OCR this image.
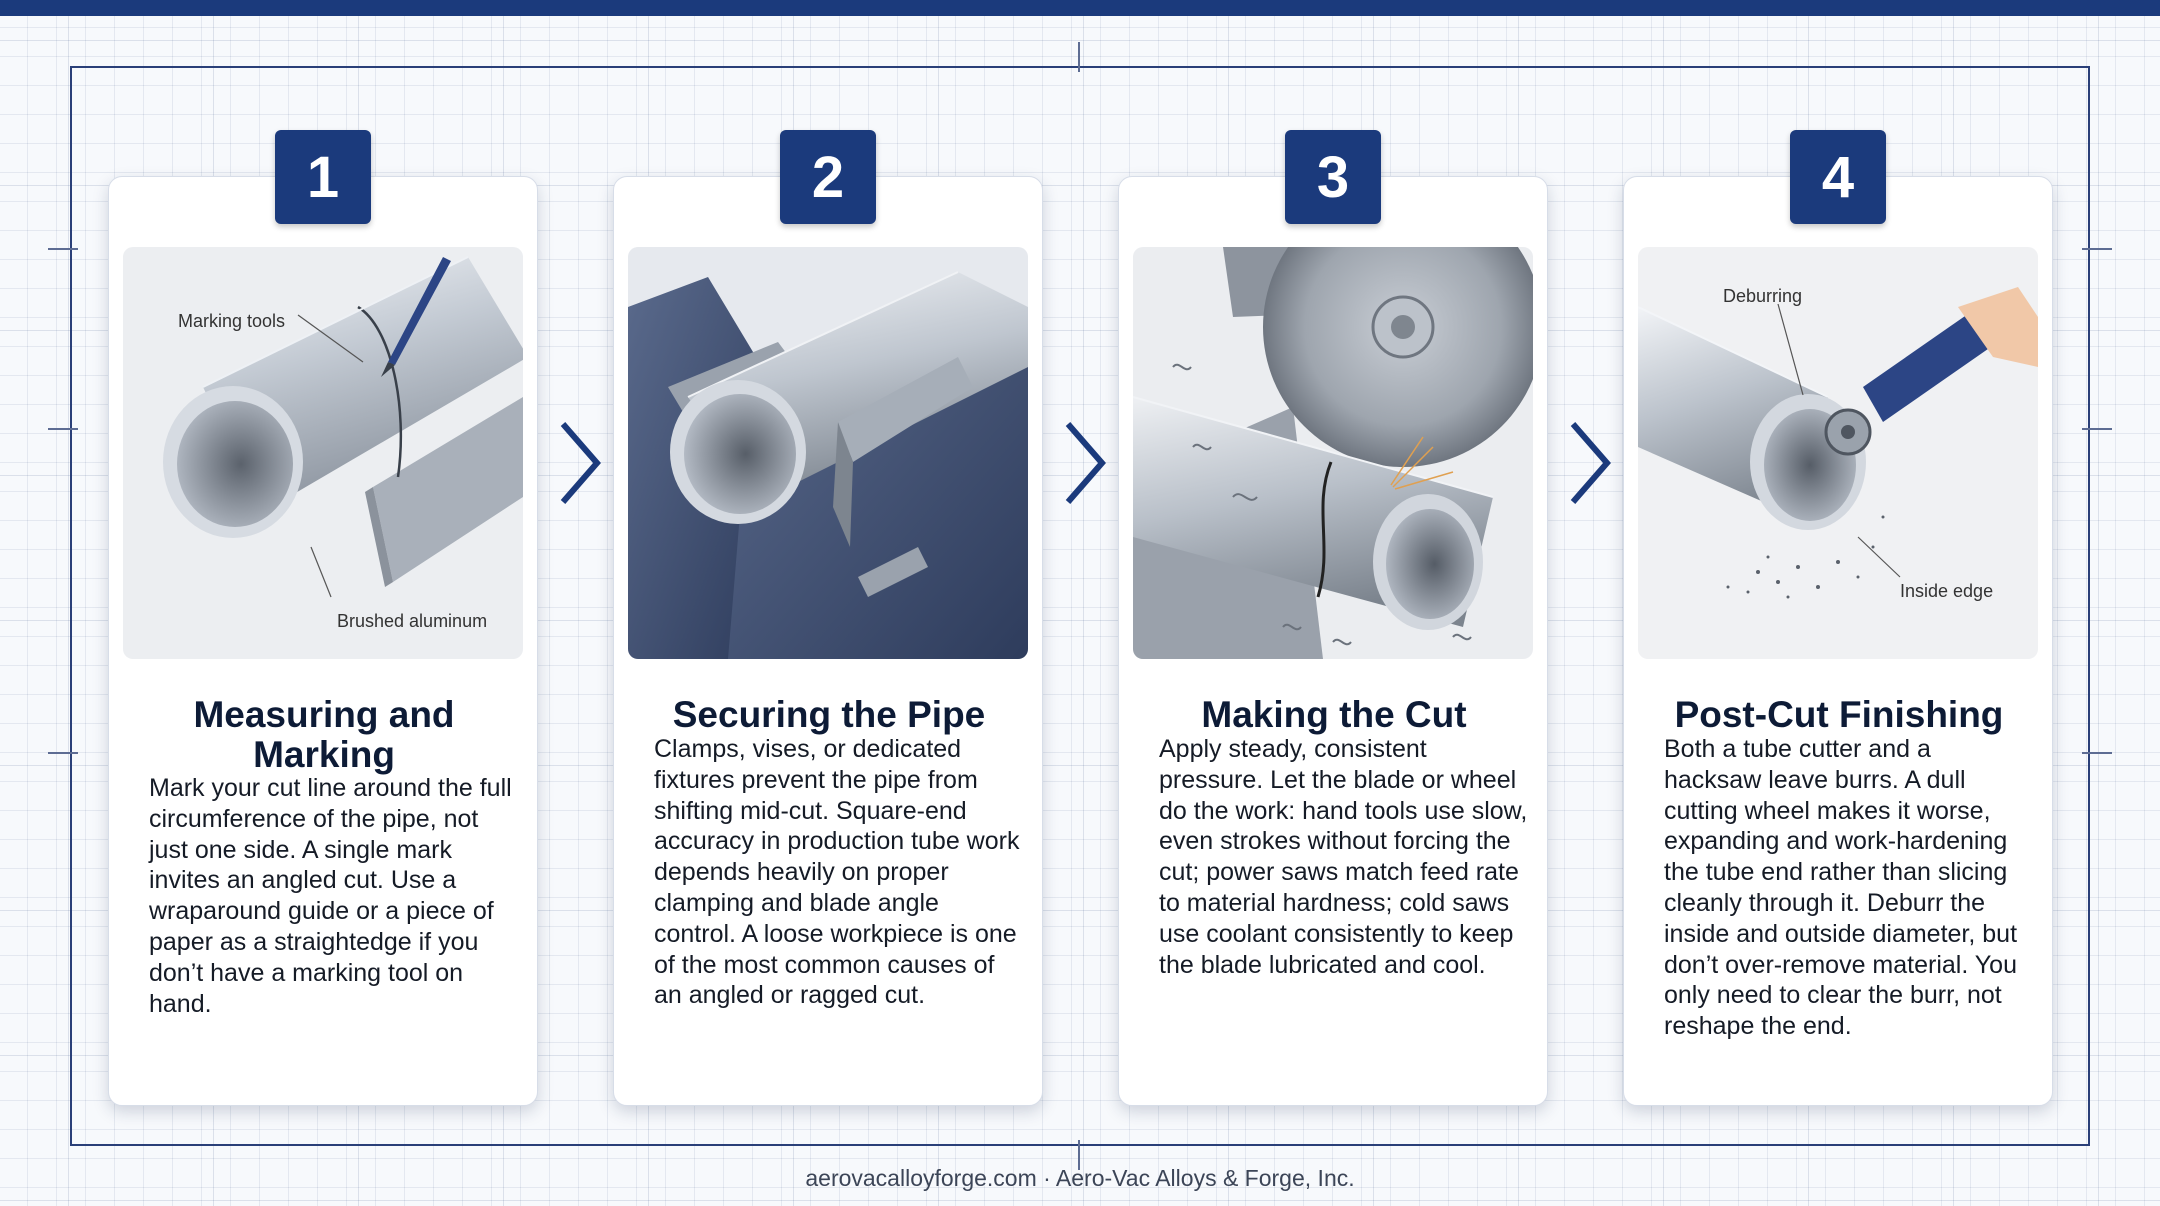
Marking tools
Brushed aluminum
Measuring and Marking
Mark your cut line around the full circumference of the pipe, not just one side. A single mark invites an angled cut. Use a wraparound guide or a piece of paper as a straightedge if you don’t have a marking tool on hand.
1
Securing the Pipe
Clamps, vises, or dedicated fixtures prevent the pipe from shifting mid-cut. Square-end accuracy in production tube work depends heavily on proper clamping and blade angle control. A loose workpiece is one of the most common causes of an angled or ragged cut.
2
Making the Cut
Apply steady, consistent pressure. Let the blade or wheel do the work: hand tools use slow, even strokes without forcing the cut; power saws match feed rate to material hardness; cold saws use coolant consistently to keep the blade lubricated and cool.
3
Deburring
Inside edge
Post-Cut Finishing
Both a tube cutter and a hacksaw leave burrs. A dull cutting wheel makes it worse, expanding and work-hardening the tube end rather than slicing cleanly through it. Deburr the inside and outside diameter, but don’t over-remove material. You only need to clear the burr, not reshape the end.
4
aerovacalloyforge.com · Aero-Vac Alloys & Forge, Inc.
